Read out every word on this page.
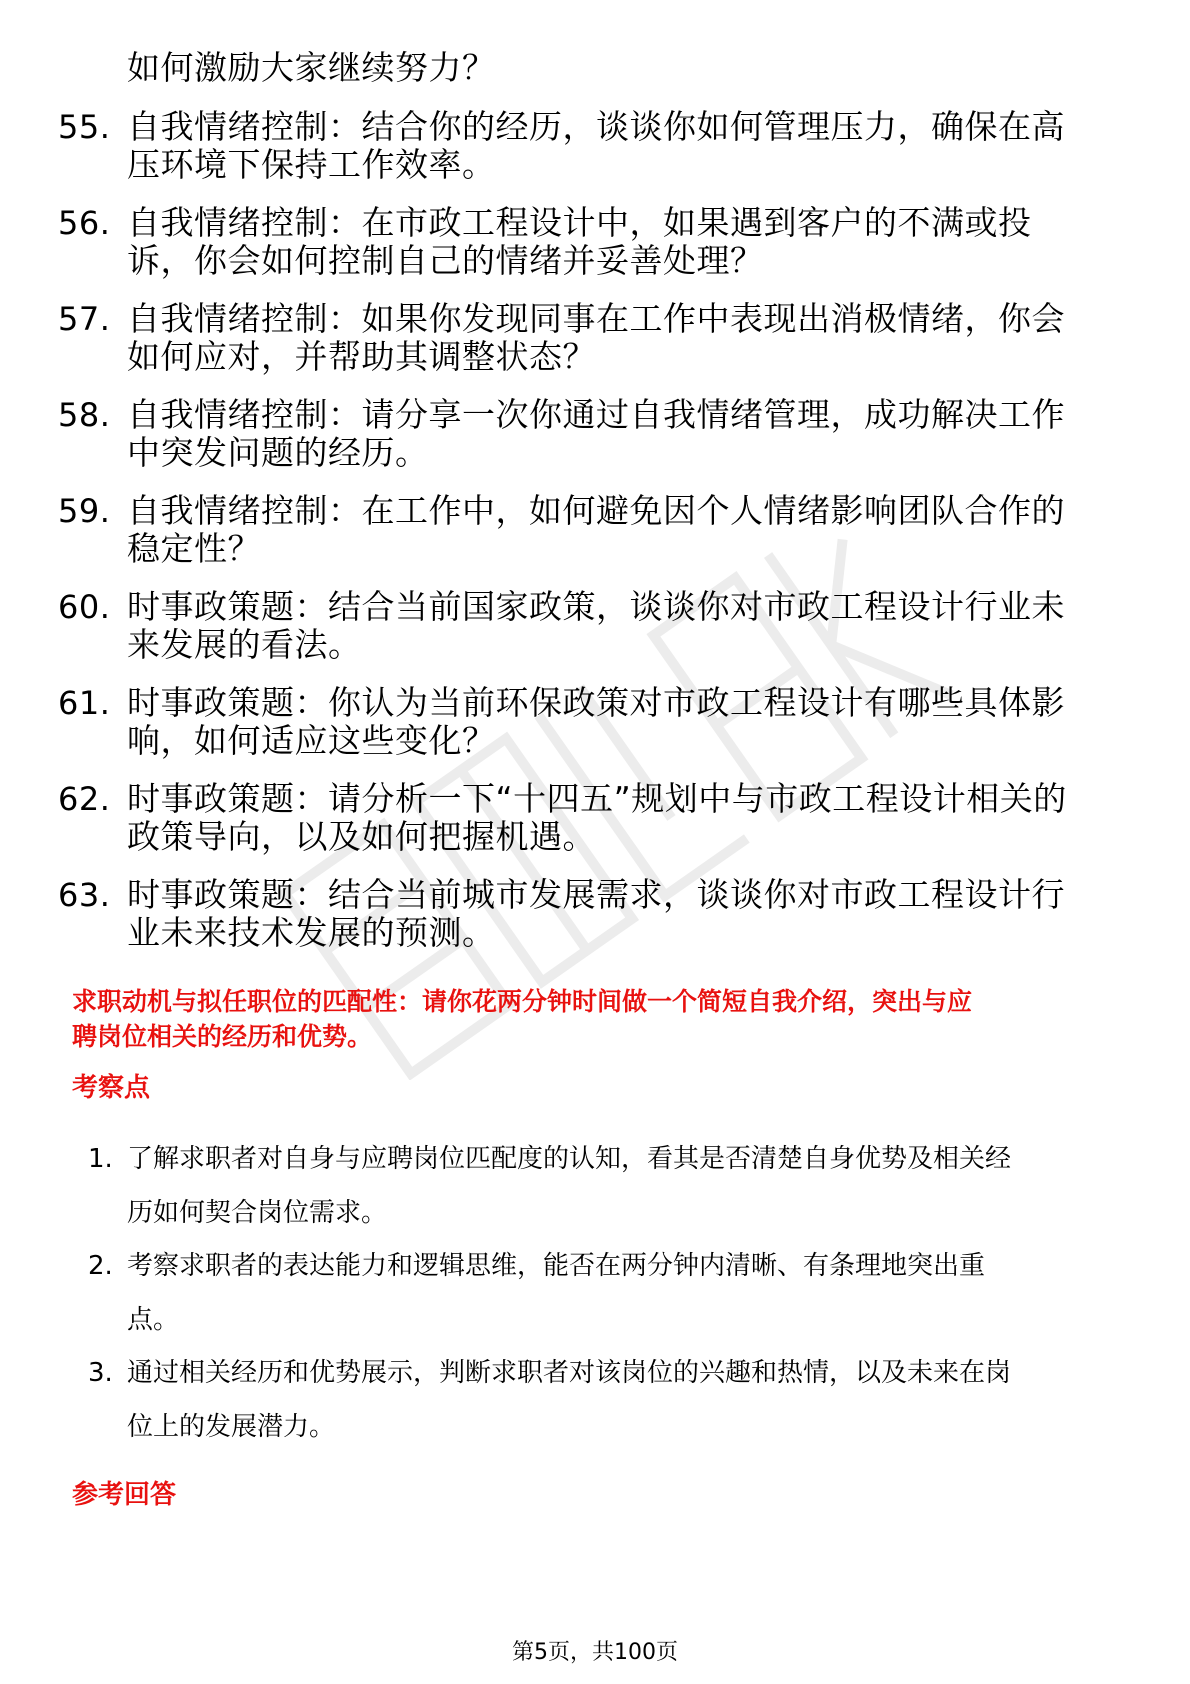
如何激励大家继续努力？
55. 自我情绪控制：结合你的经历，谈谈你如何管理压力，确保在高
压环境下保持工作效率。
56. 自我情绪控制：在市政工程设计中，如果遇到客户的不满或投
诉，你会如何控制自己的情绪并妥善处理？
57. 自我情绪控制：如果你发现同事在工作中表现出消极情绪，你会
如何应对，并帮助其调整状态？
58. 自我情绪控制：请分享一次你通过自我情绪管理，成功解决工作
中突发问题的经历。
59. 自我情绪控制：在工作中，如何避免因个人情绪影响团队合作的
稳定性？
60. 时事政策题：结合当前国家政策，谈谈你对市政工程设计行业未
来发展的看法。
61. 时事政策题：你认为当前环保政策对市政工程设计有哪些具体影
响，如何适应这些变化？
62. 时事政策题：请分析一下“十四五”规划中与市政工程设计相关的
政策导向，以及如何把握机遇。
63. 时事政策题：结合当前城市发展需求，谈谈你对市政工程设计行
业未来技术发展的预测。
求职动机与拟任职位的匹配性：请你花两分钟时间做一个简短自我介绍，突出与应
聘岗位相关的经历和优势。
考察点
1. 了解求职者对自身与应聘岗位匹配度的认知，看其是否清楚自身优势及相关经
历如何契合岗位需求。
2. 考察求职者的表达能力和逻辑思维，能否在两分钟内清晰、有条理地突出重
点。
3. 通过相关经历和优势展示，判断求职者对该岗位的兴趣和热情，以及未来在岗
位上的发展潜力。
参考回答
第5页，共100页
